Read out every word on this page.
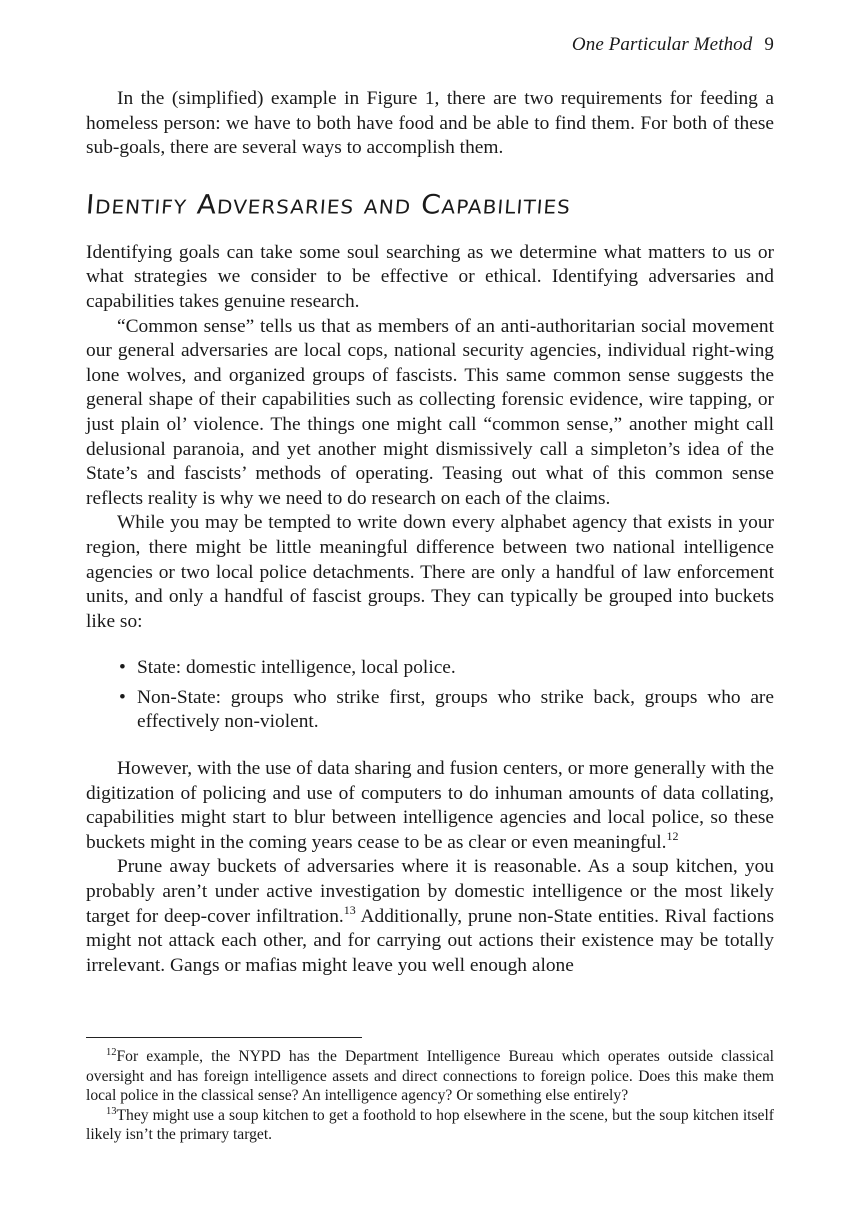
One Particular Method 9

In the (simplified) example in Figure 1, there are two requirements for feeding a homeless person: we have to both have food and be able to find them. For both of these sub-goals, there are several ways to accomplish them.

Identify Adversaries and Capabilities

Identifying goals can take some soul searching as we determine what matters to us or what strategies we consider to be effective or ethical. Identifying adversaries and capabilities takes genuine research.

“Common sense” tells us that as members of an anti-authoritarian social movement our general adversaries are local cops, national security agencies, individual right-wing lone wolves, and organized groups of fascists. This same common sense suggests the general shape of their capabilities such as collecting forensic evidence, wire tapping, or just plain ol’ violence. The things one might call “common sense,” another might call delusional paranoia, and yet another might dismissively call a simpleton’s idea of the State’s and fascists’ methods of operating. Teasing out what of this common sense reflects reality is why we need to do research on each of the claims.

While you may be tempted to write down every alphabet agency that exists in your region, there might be little meaningful difference between two national intelligence agencies or two local police detachments. There are only a handful of law enforcement units, and only a handful of fascist groups. They can typically be grouped into buckets like so:

• State: domestic intelligence, local police.
• Non-State: groups who strike first, groups who strike back, groups who are effectively non-violent.

However, with the use of data sharing and fusion centers, or more generally with the digitization of policing and use of computers to do inhuman amounts of data collating, capabilities might start to blur between intelligence agencies and local police, so these buckets might in the coming years cease to be as clear or even meaningful.$^{12}$

Prune away buckets of adversaries where it is reasonable. As a soup kitchen, you probably aren’t under active investigation by domestic intelligence or the most likely target for deep-cover infiltration.$^{13}$ Additionally, prune non-State entities. Rival factions might not attack each other, and for carrying out actions their existence may be totally irrelevant. Gangs or mafias might leave you well enough alone

$^{12}$For example, the NYPD has the Department Intelligence Bureau which operates outside classical oversight and has foreign intelligence assets and direct connections to foreign police. Does this make them local police in the classical sense? An intelligence agency? Or something else entirely?

$^{13}$They might use a soup kitchen to get a foothold to hop elsewhere in the scene, but the soup kitchen itself likely isn’t the primary target.
